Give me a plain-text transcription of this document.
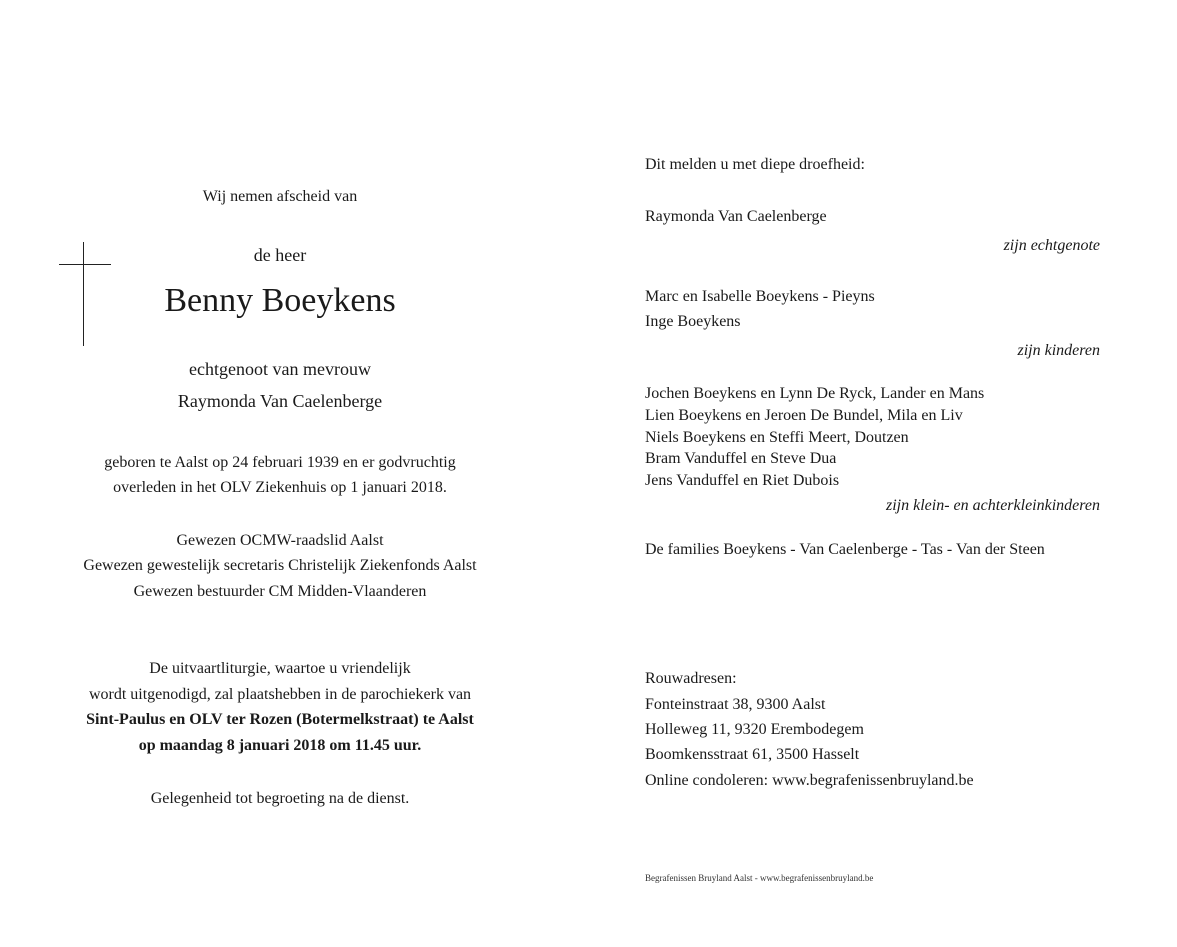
Wij nemen afscheid van
de heer
Benny Boeykens
echtgenoot van mevrouw
Raymonda Van Caelenberge
geboren te Aalst op 24 februari 1939 en er godvruchtig
overleden in het OLV Ziekenhuis op 1 januari 2018.
Gewezen OCMW-raadslid Aalst
Gewezen gewestelijk secretaris Christelijk Ziekenfonds Aalst
Gewezen bestuurder CM Midden-Vlaanderen
De uitvaartliturgie, waartoe u vriendelijk
wordt uitgenodigd, zal plaatshebben in de parochiekerk van
Sint-Paulus en OLV ter Rozen (Botermelkstraat) te Aalst
op maandag 8 januari 2018 om 11.45 uur.
Gelegenheid tot begroeting na de dienst.
Dit melden u met diepe droefheid:
Raymonda Van Caelenberge
zijn echtgenote
Marc en Isabelle Boeykens - Pieyns
Inge Boeykens
zijn kinderen
Jochen Boeykens en Lynn De Ryck, Lander en Mans
Lien Boeykens en Jeroen De Bundel, Mila en Liv
Niels Boeykens en Steffi Meert, Doutzen
Bram Vanduffel en Steve Dua
Jens Vanduffel en Riet Dubois
zijn klein- en achterkleinkinderen
De families Boeykens - Van Caelenberge - Tas - Van der Steen
Rouwadresen:
Fonteinstraat 38, 9300 Aalst
Holleweg 11, 9320 Erembodegem
Boomkensstraat 61, 3500 Hasselt
Online condoleren: www.begrafenissenbruyland.be
Begrafenissen Bruyland Aalst - www.begrafenissenbruyland.be
